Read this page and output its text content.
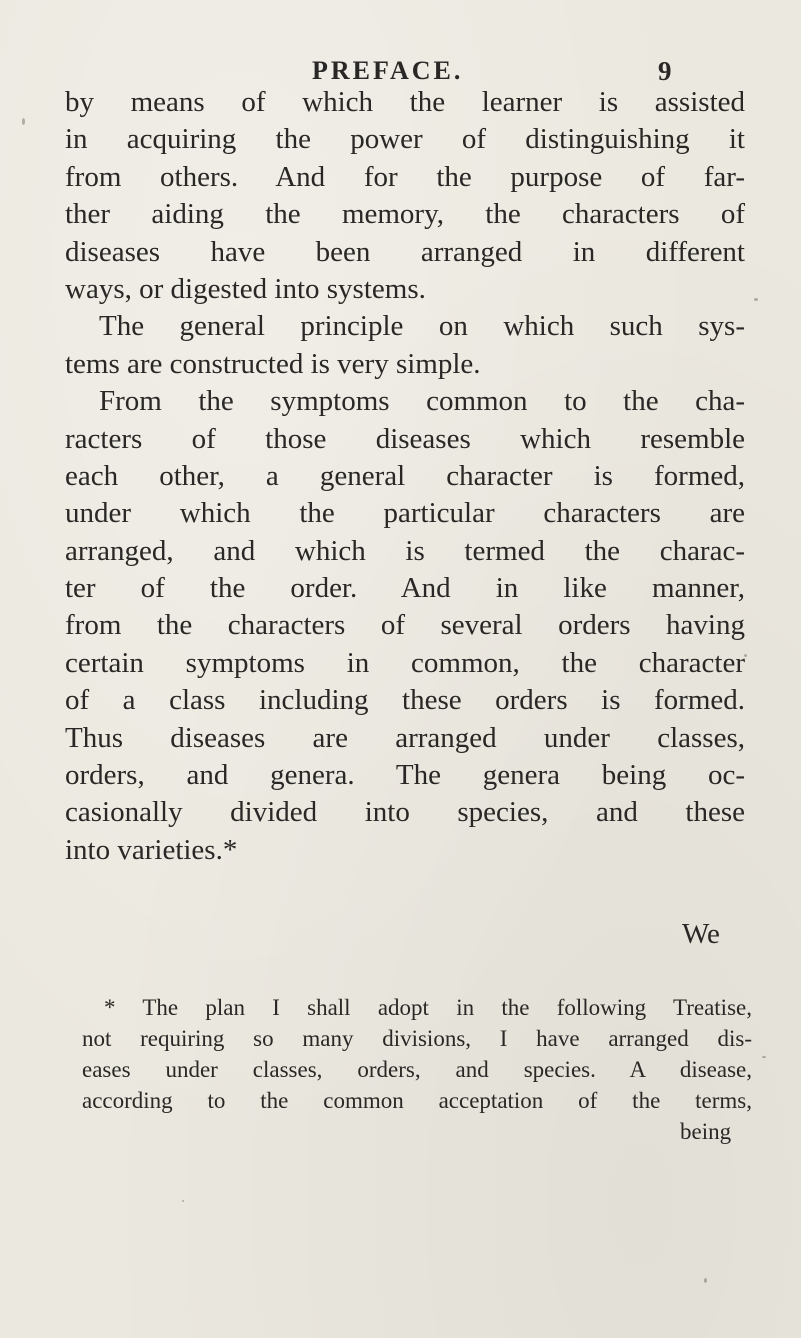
PREFACE.	9
by means of which the learner is assisted
in acquiring the power of distinguishing it
from others. And for the purpose of far-
ther aiding the memory, the characters of
diseases have been arranged in different
ways, or digested into systems.
The general principle on which such sys-
tems are constructed is very simple.
From the symptoms common to the cha-
racters of those diseases which resemble
each other, a general character is formed,
under which the particular characters are
arranged, and which is termed the charac-
ter of the order. And in like manner,
from the characters of several orders having
certain symptoms in common, the character
of a class including these orders is formed.
Thus diseases are arranged under classes,
orders, and genera. The genera being oc-
casionally divided into species, and these
into varieties.*
We
* The plan I shall adopt in the following Treatise,
not requiring so many divisions, I have arranged dis-
eases under classes, orders, and species. A disease,
according to the common acceptation of the terms,
being
